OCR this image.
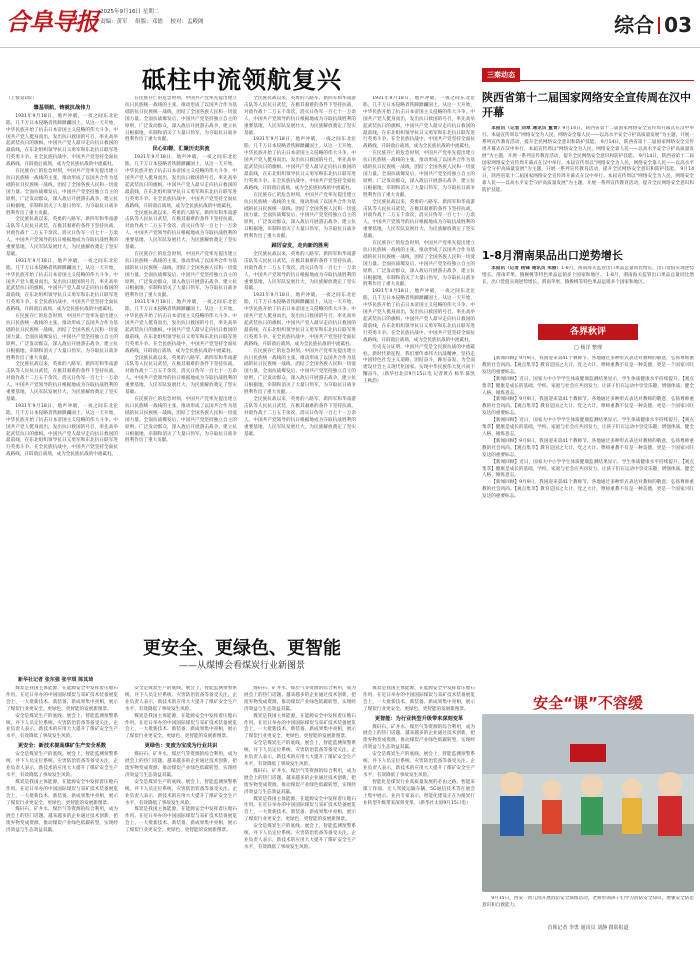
合阜导报 2025年9月16日 星期二
责编：黄军 组版：邓德 校对：孟殿阁	综合 03
砥柱中流领航复兴
（上接第1版）
肇基领航，铸就抗战伟力
1931年9月18日，地声冲破，一夜之间东北沦陷，几千万日本侵略者铁蹄蹂躏国土。从这一天开始，中华民族开始了抗击日本帝国主义侵略的伟大斗争。中国共产党人挺身而出，发出抗日救国的号召，率先高举起武装抗日的旗帜。中国共产党人最早走向抗日救国的最前线，在东北组织领导抗日义勇军和东北抗日联军进行英勇斗争。在全民族抗战中，中国共产党坚持全面抗战路线，开辟敌后战场，成为全民族抗战的中流砥柱。
在民族存亡的危急时刻，中国共产党率先提出建立抗日民族统一战线的主张，推动形成了以国共合作为基础的抗日民族统一战线，团结了全国各族人民和一切爱国力量。全面抗战爆发后，中国共产党坚持独立自主的原则，广泛发动群众，深入敌后开展游击战争，建立抗日根据地，牵制和消灭了大量日伪军，为夺取抗日战争胜利作出了重大贡献。
全民族抗战以来，英勇的八路军、新四军和华南游击队等人民抗日武装，在极其艰难的条件下坚持抗战，对敌作战十二万五千余次，消灭日伪军一百七十一万余人。中国共产党领导的抗日根据地成为夺取抗战胜利的重要基地，人民军队发展壮大，为民族解放奠定了坚实基础。
1931年9月18日，地声冲破，一夜之间东北沦陷，几千万日本侵略者铁蹄蹂躏国土。从这一天开始，中华民族开始了抗击日本帝国主义侵略的伟大斗争。中国共产党人挺身而出，发出抗日救国的号召，率先高举起武装抗日的旗帜。中国共产党人最早走向抗日救国的最前线，在东北组织领导抗日义勇军和东北抗日联军进行英勇斗争。在全民族抗战中，中国共产党坚持全面抗战路线，开辟敌后战场，成为全民族抗战的中流砥柱。
在民族存亡的危急时刻，中国共产党率先提出建立抗日民族统一战线的主张，推动形成了以国共合作为基础的抗日民族统一战线，团结了全国各族人民和一切爱国力量。全面抗战爆发后，中国共产党坚持独立自主的原则，广泛发动群众，深入敌后开展游击战争，建立抗日根据地，牵制和消灭了大量日伪军，为夺取抗日战争胜利作出了重大贡献。
全民族抗战以来，英勇的八路军、新四军和华南游击队等人民抗日武装，在极其艰难的条件下坚持抗战，对敌作战十二万五千余次，消灭日伪军一百七十一万余人。中国共产党领导的抗日根据地成为夺取抗战胜利的重要基地，人民军队发展壮大，为民族解放奠定了坚实基础。
1931年9月18日，地声冲破，一夜之间东北沦陷，几千万日本侵略者铁蹄蹂躏国土。从这一天开始，中华民族开始了抗击日本帝国主义侵略的伟大斗争。中国共产党人挺身而出，发出抗日救国的号召，率先高举起武装抗日的旗帜。中国共产党人最早走向抗日救国的最前线，在东北组织领导抗日义勇军和东北抗日联军进行英勇斗争。在全民族抗战中，中国共产党坚持全面抗战路线，开辟敌后战场，成为全民族抗战的中流砥柱。
在民族存亡的危急时刻，中国共产党率先提出建立抗日民族统一战线的主张，推动形成了以国共合作为基础的抗日民族统一战线，团结了全国各族人民和一切爱国力量。全面抗战爆发后，中国共产党坚持独立自主的原则，广泛发动群众，深入敌后开展游击战争，建立抗日根据地，牵制和消灭了大量日伪军，为夺取抗日战争胜利作出了重大贡献。
民心如磐，汇聚历史洪流
1931年9月18日，地声冲破，一夜之间东北沦陷，几千万日本侵略者铁蹄蹂躏国土。从这一天开始，中华民族开始了抗击日本帝国主义侵略的伟大斗争。中国共产党人挺身而出，发出抗日救国的号召，率先高举起武装抗日的旗帜。中国共产党人最早走向抗日救国的最前线，在东北组织领导抗日义勇军和东北抗日联军进行英勇斗争。在全民族抗战中，中国共产党坚持全面抗战路线，开辟敌后战场，成为全民族抗战的中流砥柱。
全民族抗战以来，英勇的八路军、新四军和华南游击队等人民抗日武装，在极其艰难的条件下坚持抗战，对敌作战十二万五千余次，消灭日伪军一百七十一万余人。中国共产党领导的抗日根据地成为夺取抗战胜利的重要基地，人民军队发展壮大，为民族解放奠定了坚实基础。
在民族存亡的危急时刻，中国共产党率先提出建立抗日民族统一战线的主张，推动形成了以国共合作为基础的抗日民族统一战线，团结了全国各族人民和一切爱国力量。全面抗战爆发后，中国共产党坚持独立自主的原则，广泛发动群众，深入敌后开展游击战争，建立抗日根据地，牵制和消灭了大量日伪军，为夺取抗日战争胜利作出了重大贡献。
1931年9月18日，地声冲破，一夜之间东北沦陷，几千万日本侵略者铁蹄蹂躏国土。从这一天开始，中华民族开始了抗击日本帝国主义侵略的伟大斗争。中国共产党人挺身而出，发出抗日救国的号召，率先高举起武装抗日的旗帜。中国共产党人最早走向抗日救国的最前线，在东北组织领导抗日义勇军和东北抗日联军进行英勇斗争。在全民族抗战中，中国共产党坚持全面抗战路线，开辟敌后战场，成为全民族抗战的中流砥柱。
全民族抗战以来，英勇的八路军、新四军和华南游击队等人民抗日武装，在极其艰难的条件下坚持抗战，对敌作战十二万五千余次，消灭日伪军一百七十一万余人。中国共产党领导的抗日根据地成为夺取抗战胜利的重要基地，人民军队发展壮大，为民族解放奠定了坚实基础。
在民族存亡的危急时刻，中国共产党率先提出建立抗日民族统一战线的主张，推动形成了以国共合作为基础的抗日民族统一战线，团结了全国各族人民和一切爱国力量。全面抗战爆发后，中国共产党坚持独立自主的原则，广泛发动群众，深入敌后开展游击战争，建立抗日根据地，牵制和消灭了大量日伪军，为夺取抗日战争胜利作出了重大贡献。
全民族抗战以来，英勇的八路军、新四军和华南游击队等人民抗日武装，在极其艰难的条件下坚持抗战，对敌作战十二万五千余次，消灭日伪军一百七十一万余人。中国共产党领导的抗日根据地成为夺取抗战胜利的重要基地，人民军队发展壮大，为民族解放奠定了坚实基础。
1931年9月18日，地声冲破，一夜之间东北沦陷，几千万日本侵略者铁蹄蹂躏国土。从这一天开始，中华民族开始了抗击日本帝国主义侵略的伟大斗争。中国共产党人挺身而出，发出抗日救国的号召，率先高举起武装抗日的旗帜。中国共产党人最早走向抗日救国的最前线，在东北组织领导抗日义勇军和东北抗日联军进行英勇斗争。在全民族抗战中，中国共产党坚持全面抗战路线，开辟敌后战场，成为全民族抗战的中流砥柱。
在民族存亡的危急时刻，中国共产党率先提出建立抗日民族统一战线的主张，推动形成了以国共合作为基础的抗日民族统一战线，团结了全国各族人民和一切爱国力量。全面抗战爆发后，中国共产党坚持独立自主的原则，广泛发动群众，深入敌后开展游击战争，建立抗日根据地，牵制和消灭了大量日伪军，为夺取抗日战争胜利作出了重大贡献。
踔厉奋发，走向新的胜利
全民族抗战以来，英勇的八路军、新四军和华南游击队等人民抗日武装，在极其艰难的条件下坚持抗战，对敌作战十二万五千余次，消灭日伪军一百七十一万余人。中国共产党领导的抗日根据地成为夺取抗战胜利的重要基地，人民军队发展壮大，为民族解放奠定了坚实基础。
1931年9月18日，地声冲破，一夜之间东北沦陷，几千万日本侵略者铁蹄蹂躏国土。从这一天开始，中华民族开始了抗击日本帝国主义侵略的伟大斗争。中国共产党人挺身而出，发出抗日救国的号召，率先高举起武装抗日的旗帜。中国共产党人最早走向抗日救国的最前线，在东北组织领导抗日义勇军和东北抗日联军进行英勇斗争。在全民族抗战中，中国共产党坚持全面抗战路线，开辟敌后战场，成为全民族抗战的中流砥柱。
在民族存亡的危急时刻，中国共产党率先提出建立抗日民族统一战线的主张，推动形成了以国共合作为基础的抗日民族统一战线，团结了全国各族人民和一切爱国力量。全面抗战爆发后，中国共产党坚持独立自主的原则，广泛发动群众，深入敌后开展游击战争，建立抗日根据地，牵制和消灭了大量日伪军，为夺取抗日战争胜利作出了重大贡献。
全民族抗战以来，英勇的八路军、新四军和华南游击队等人民抗日武装，在极其艰难的条件下坚持抗战，对敌作战十二万五千余次，消灭日伪军一百七十一万余人。中国共产党领导的抗日根据地成为夺取抗战胜利的重要基地，人民军队发展壮大，为民族解放奠定了坚实基础。
1931年9月18日，地声冲破，一夜之间东北沦陷，几千万日本侵略者铁蹄蹂躏国土。从这一天开始，中华民族开始了抗击日本帝国主义侵略的伟大斗争。中国共产党人挺身而出，发出抗日救国的号召，率先高举起武装抗日的旗帜。中国共产党人最早走向抗日救国的最前线，在东北组织领导抗日义勇军和东北抗日联军进行英勇斗争。在全民族抗战中，中国共产党坚持全面抗战路线，开辟敌后战场，成为全民族抗战的中流砥柱。
在民族存亡的危急时刻，中国共产党率先提出建立抗日民族统一战线的主张，推动形成了以国共合作为基础的抗日民族统一战线，团结了全国各族人民和一切爱国力量。全面抗战爆发后，中国共产党坚持独立自主的原则，广泛发动群众，深入敌后开展游击战争，建立抗日根据地，牵制和消灭了大量日伪军，为夺取抗日战争胜利作出了重大贡献。
全民族抗战以来，英勇的八路军、新四军和华南游击队等人民抗日武装，在极其艰难的条件下坚持抗战，对敌作战十二万五千余次，消灭日伪军一百七十一万余人。中国共产党领导的抗日根据地成为夺取抗战胜利的重要基地，人民军队发展壮大，为民族解放奠定了坚实基础。
在民族存亡的危急时刻，中国共产党率先提出建立抗日民族统一战线的主张，推动形成了以国共合作为基础的抗日民族统一战线，团结了全国各族人民和一切爱国力量。全面抗战爆发后，中国共产党坚持独立自主的原则，广泛发动群众，深入敌后开展游击战争，建立抗日根据地，牵制和消灭了大量日伪军，为夺取抗日战争胜利作出了重大贡献。
1931年9月18日，地声冲破，一夜之间东北沦陷，几千万日本侵略者铁蹄蹂躏国土。从这一天开始，中华民族开始了抗击日本帝国主义侵略的伟大斗争。中国共产党人挺身而出，发出抗日救国的号召，率先高举起武装抗日的旗帜。中国共产党人最早走向抗日救国的最前线，在东北组织领导抗日义勇军和东北抗日联军进行英勇斗争。在全民族抗战中，中国共产党坚持全面抗战路线，开辟敌后战场，成为全民族抗战的中流砥柱。
历史充分证明，中国共产党是全民族抗战的中流砥柱。新时代新征程，我们要传承伟大抗战精神，坚持走中国特色社会主义道路，团结奋斗，踔厉奋发，为全面建设社会主义现代化国家、实现中华民族伟大复兴而不懈奋斗。（新华社北京9月15日电 记者黄垚 杨华 陈凯 王秋韵）
更安全、更绿色、更智能
——从煤博会看煤炭行业新图景
新华社记者 张东强 张宇琪 陈其琦
煤炭是我国主体能源，在能源安全中发挥着压舱石作用。在近日举办的中国国际煤炭与采矿技术装备展览会上，一大批新技术、新装备、新成果集中亮相，展示了煤炭行业更安全、更绿色、更智能的发展新图景。
安全是煤炭生产的底线。展会上，智能监测预警系统、井下人员定位系统、灾害防治装备等备受关注。企业负责人表示，新技术的应用大大提升了煤矿安全生产水平，有效降低了事故发生风险。
更安全：新技术提高煤矿生产安全系数
安全是煤炭生产的底线。展会上，智能监测预警系统、井下人员定位系统、灾害防治装备等备受关注。企业负责人表示，新技术的应用大大提升了煤矿安全生产水平，有效降低了事故发生风险。
煤炭是我国主体能源，在能源安全中发挥着压舱石作用。在近日举办的中国国际煤炭与采矿技术装备展览会上，一大批新技术、新装备、新成果集中亮相，展示了煤炭行业更安全、更绿色、更智能的发展新图景。
煤矸石、矿井水、煤层气等资源的综合利用，成为展会上的热门话题。越来越多的企业通过技术创新，把废弃物变成资源，推动煤炭产业绿色低碳转型，实现经济效益与生态效益双赢。
安全是煤炭生产的底线。展会上，智能监测预警系统、井下人员定位系统、灾害防治装备等备受关注。企业负责人表示，新技术的应用大大提升了煤矿安全生产水平，有效降低了事故发生风险。
煤炭是我国主体能源，在能源安全中发挥着压舱石作用。在近日举办的中国国际煤炭与采矿技术装备展览会上，一大批新技术、新装备、新成果集中亮相，展示了煤炭行业更安全、更绿色、更智能的发展新图景。
更绿色：变废为宝成为行业共识
煤矸石、矿井水、煤层气等资源的综合利用，成为展会上的热门话题。越来越多的企业通过技术创新，把废弃物变成资源，推动煤炭产业绿色低碳转型，实现经济效益与生态效益双赢。
安全是煤炭生产的底线。展会上，智能监测预警系统、井下人员定位系统、灾害防治装备等备受关注。企业负责人表示，新技术的应用大大提升了煤矿安全生产水平，有效降低了事故发生风险。
煤炭是我国主体能源，在能源安全中发挥着压舱石作用。在近日举办的中国国际煤炭与采矿技术装备展览会上，一大批新技术、新装备、新成果集中亮相，展示了煤炭行业更安全、更绿色、更智能的发展新图景。
煤矸石、矿井水、煤层气等资源的综合利用，成为展会上的热门话题。越来越多的企业通过技术创新，把废弃物变成资源，推动煤炭产业绿色低碳转型，实现经济效益与生态效益双赢。
煤炭是我国主体能源，在能源安全中发挥着压舱石作用。在近日举办的中国国际煤炭与采矿技术装备展览会上，一大批新技术、新装备、新成果集中亮相，展示了煤炭行业更安全、更绿色、更智能的发展新图景。
安全是煤炭生产的底线。展会上，智能监测预警系统、井下人员定位系统、灾害防治装备等备受关注。企业负责人表示，新技术的应用大大提升了煤矿安全生产水平，有效降低了事故发生风险。
煤矸石、矿井水、煤层气等资源的综合利用，成为展会上的热门话题。越来越多的企业通过技术创新，把废弃物变成资源，推动煤炭产业绿色低碳转型，实现经济效益与生态效益双赢。
煤炭是我国主体能源，在能源安全中发挥着压舱石作用。在近日举办的中国国际煤炭与采矿技术装备展览会上，一大批新技术、新装备、新成果集中亮相，展示了煤炭行业更安全、更绿色、更智能的发展新图景。
安全是煤炭生产的底线。展会上，智能监测预警系统、井下人员定位系统、灾害防治装备等备受关注。企业负责人表示，新技术的应用大大提升了煤矿安全生产水平，有效降低了事故发生风险。
煤炭是我国主体能源，在能源安全中发挥着压舱石作用。在近日举办的中国国际煤炭与采矿技术装备展览会上，一大批新技术、新装备、新成果集中亮相，展示了煤炭行业更安全、更绿色、更智能的发展新图景。
更智能：为行业转型升级带来深刻变革
煤矸石、矿井水、煤层气等资源的综合利用，成为展会上的热门话题。越来越多的企业通过技术创新，把废弃物变成资源，推动煤炭产业绿色低碳转型，实现经济效益与生态效益双赢。
安全是煤炭生产的底线。展会上，智能监测预警系统、井下人员定位系统、灾害防治装备等备受关注。企业负责人表示，新技术的应用大大提升了煤矿安全生产水平，有效降低了事故发生风险。
智能化是煤炭行业高质量发展的必由之路。智能采煤工作面、无人驾驶运输车辆、5G通信技术等在展会上集中展示。业内专家表示，智能化建设正在为煤炭行业转型升级带来深刻变革。（新华社太原9月15日电）
三秦动态
陕西省第十二届国家网络安全宣传周在汉中开幕
本报讯（记者 刘翠 通讯员 董青）9月14日，陕西省第十二届国家网络安全宣传周开幕式在汉中举行。本届宣传周以“网络安全为人民，网络安全靠人民——以高水平安全守护高质量发展”为主题，开展一系列宣传教育活动，提升全民网络安全意识和防护技能。 9月14日，陕西省第十二届国家网络安全宣传周开幕式在汉中举行。本届宣传周以“网络安全为人民，网络安全靠人民——以高水平安全守护高质量发展”为主题，开展一系列宣传教育活动，提升全民网络安全意识和防护技能。 9月14日，陕西省第十二届国家网络安全宣传周开幕式在汉中举行。本届宣传周以“网络安全为人民，网络安全靠人民——以高水平安全守护高质量发展”为主题，开展一系列宣传教育活动，提升全民网络安全意识和防护技能。 9月14日，陕西省第十二届国家网络安全宣传周开幕式在汉中举行。本届宣传周以“网络安全为人民，网络安全靠人民——以高水平安全守护高质量发展”为主题，开展一系列宣传教育活动，提升全民网络安全意识和防护技能。
1-8月渭南果品出口逆势增长
本报讯（记者 杨锋 通讯员 朱丽）1-8月，渭南海关监管出口果品总量同比增长，出口货值实现逆势增长。渭南苹果、猕猴桃等特色果品远销多个国家和地区。 1-8月，渭南海关监管出口果品总量同比增长，出口货值实现逆势增长。渭南苹果、猕猴桃等特色果品远销多个国家和地区。
各界秋评
□ 杨洋 整理
【新闻回顾】9月9日，我国迎来第41个教师节。各地通过多种形式表达对教师的敬意，弘扬尊师重教的社会风尚。【观点集萃】教育是国之大计、党之大计。尊师重教不仅是一种美德，更是一个国家兴旺发达的重要标志。
【新闻回顾】近日，国家大中小学学生体质健康监测结果显示，学生体质健康水平持续提升。【观点集萃】健康是成长的基础，学校、家庭与社会应共同发力，让孩子们在运动中享受乐趣、增强体质、健全人格、锤炼意志。
【新闻回顾】9月9日，我国迎来第41个教师节。各地通过多种形式表达对教师的敬意，弘扬尊师重教的社会风尚。【观点集萃】教育是国之大计、党之大计。尊师重教不仅是一种美德，更是一个国家兴旺发达的重要标志。
【新闻回顾】近日，国家大中小学学生体质健康监测结果显示，学生体质健康水平持续提升。【观点集萃】健康是成长的基础，学校、家庭与社会应共同发力，让孩子们在运动中享受乐趣、增强体质、健全人格、锤炼意志。
【新闻回顾】9月9日，我国迎来第41个教师节。各地通过多种形式表达对教师的敬意，弘扬尊师重教的社会风尚。【观点集萃】教育是国之大计、党之大计。尊师重教不仅是一种美德，更是一个国家兴旺发达的重要标志。
【新闻回顾】近日，国家大中小学学生体质健康监测结果显示，学生体质健康水平持续提升。【观点集萃】健康是成长的基础，学校、家庭与社会应共同发力，让孩子们在运动中享受乐趣、增强体质、健全人格、锤炼意志。
【新闻回顾】9月9日，我国迎来第41个教师节。各地通过多种形式表达对教师的敬意，弘扬尊师重教的社会风尚。【观点集萃】教育是国之大计、党之大计。尊师重教不仅是一种美德，更是一个国家兴旺发达的重要标志。
安全“课”不容缓
9月15日，西安一幼儿园开展消防安全演练活动，老师带领孩子们学习消防安全知识，增强安全防范意识和自救能力。
首席记者 李勇 通讯员 刘静 摄影报道
